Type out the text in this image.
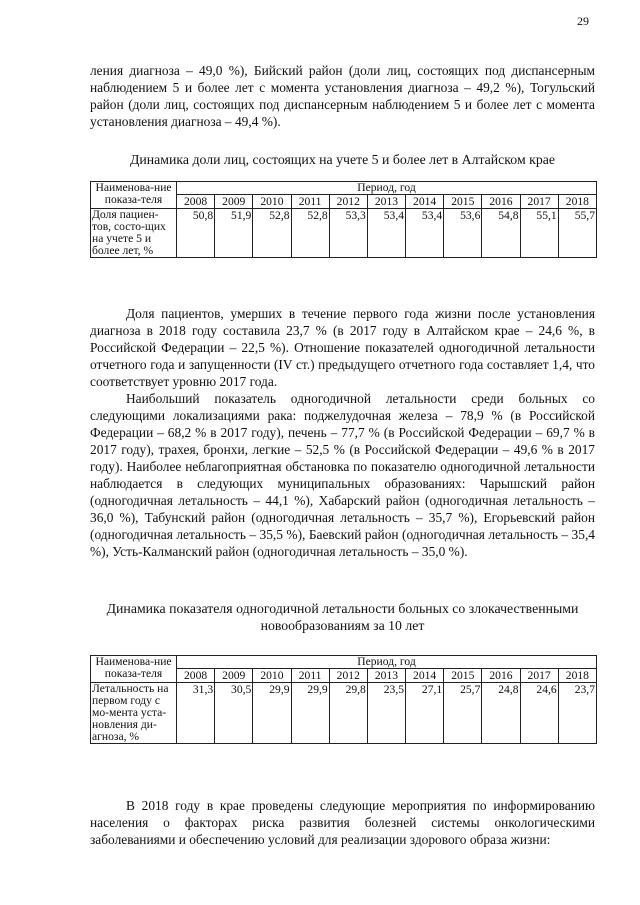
29

ления диагноза – 49,0 %), Бийский район (доли лиц, состоящих под диспансерным наблюдением 5 и более лет с момента установления диагноза – 49,2 %), Тогульский район (доли лиц, состоящих под диспансерным наблюдением 5 и более лет с момента установления диагноза – 49,4 %).

Динамика доли лиц, состоящих на учете 5 и более лет в Алтайском крае
Наименова-ние показа-теля	Период, год										
	2008	2009	2010	2011	2012	2013	2014	2015	2016	2017	2018
Доля пациен-тов, состо-щих на учете 5 и более лет, %	50,8	51,9	52,8	52,8	53,3	53,4	53,4	53,6	54,8	55,1	55,7

Доля пациентов, умерших в течение первого года жизни после установления диагноза в 2018 году составила 23,7 % (в 2017 году в Алтайском крае – 24,6 %, в Российской Федерации – 22,5 %). Отношение показателей одногодичной летальности отчетного года и запущенности (IV ст.) предыдущего отчетного года составляет 1,4, что соответствует уровню 2017 года.

Наибольший показатель одногодичной летальности среди больных со следующими локализациями рака: поджелудочная железа – 78,9 % (в Российской Федерации – 68,2 % в 2017 году), печень – 77,7 % (в Российской Федерации – 69,7 % в 2017 году), трахея, бронхи, легкие – 52,5 % (в Российской Федерации – 49,6 % в 2017 году). Наиболее неблагоприятная обстановка по показателю одногодичной летальности наблюдается в следующих муниципальных образованиях: Чарышский район (одногодичная летальность – 44,1 %), Хабарский район (одногодичная летальность – 36,0 %), Табунский район (одногодичная летальность – 35,7 %), Егорьевский район (одногодичная летальность – 35,5 %), Баевский район (одногодичная летальность – 35,4 %), Усть-Калманский район (одногодичная летальность – 35,0 %).

Динамика показателя одногодичной летальности больных со злокачественными новообразованиям за 10 лет
Наименова-ние показа-теля	Период, год										
	2008	2009	2010	2011	2012	2013	2014	2015	2016	2017	2018
Летальность на первом году с мо-мента уста-новления ди-агноза, %	31,3	30,5	29,9	29,9	29,8	23,5	27,1	25,7	24,8	24,6	23,7

В 2018 году в крае проведены следующие мероприятия по информированию населения о факторах риска развития болезней системы онкологическими заболеваниями и обеспечению условий для реализации здорового образа жизни:
